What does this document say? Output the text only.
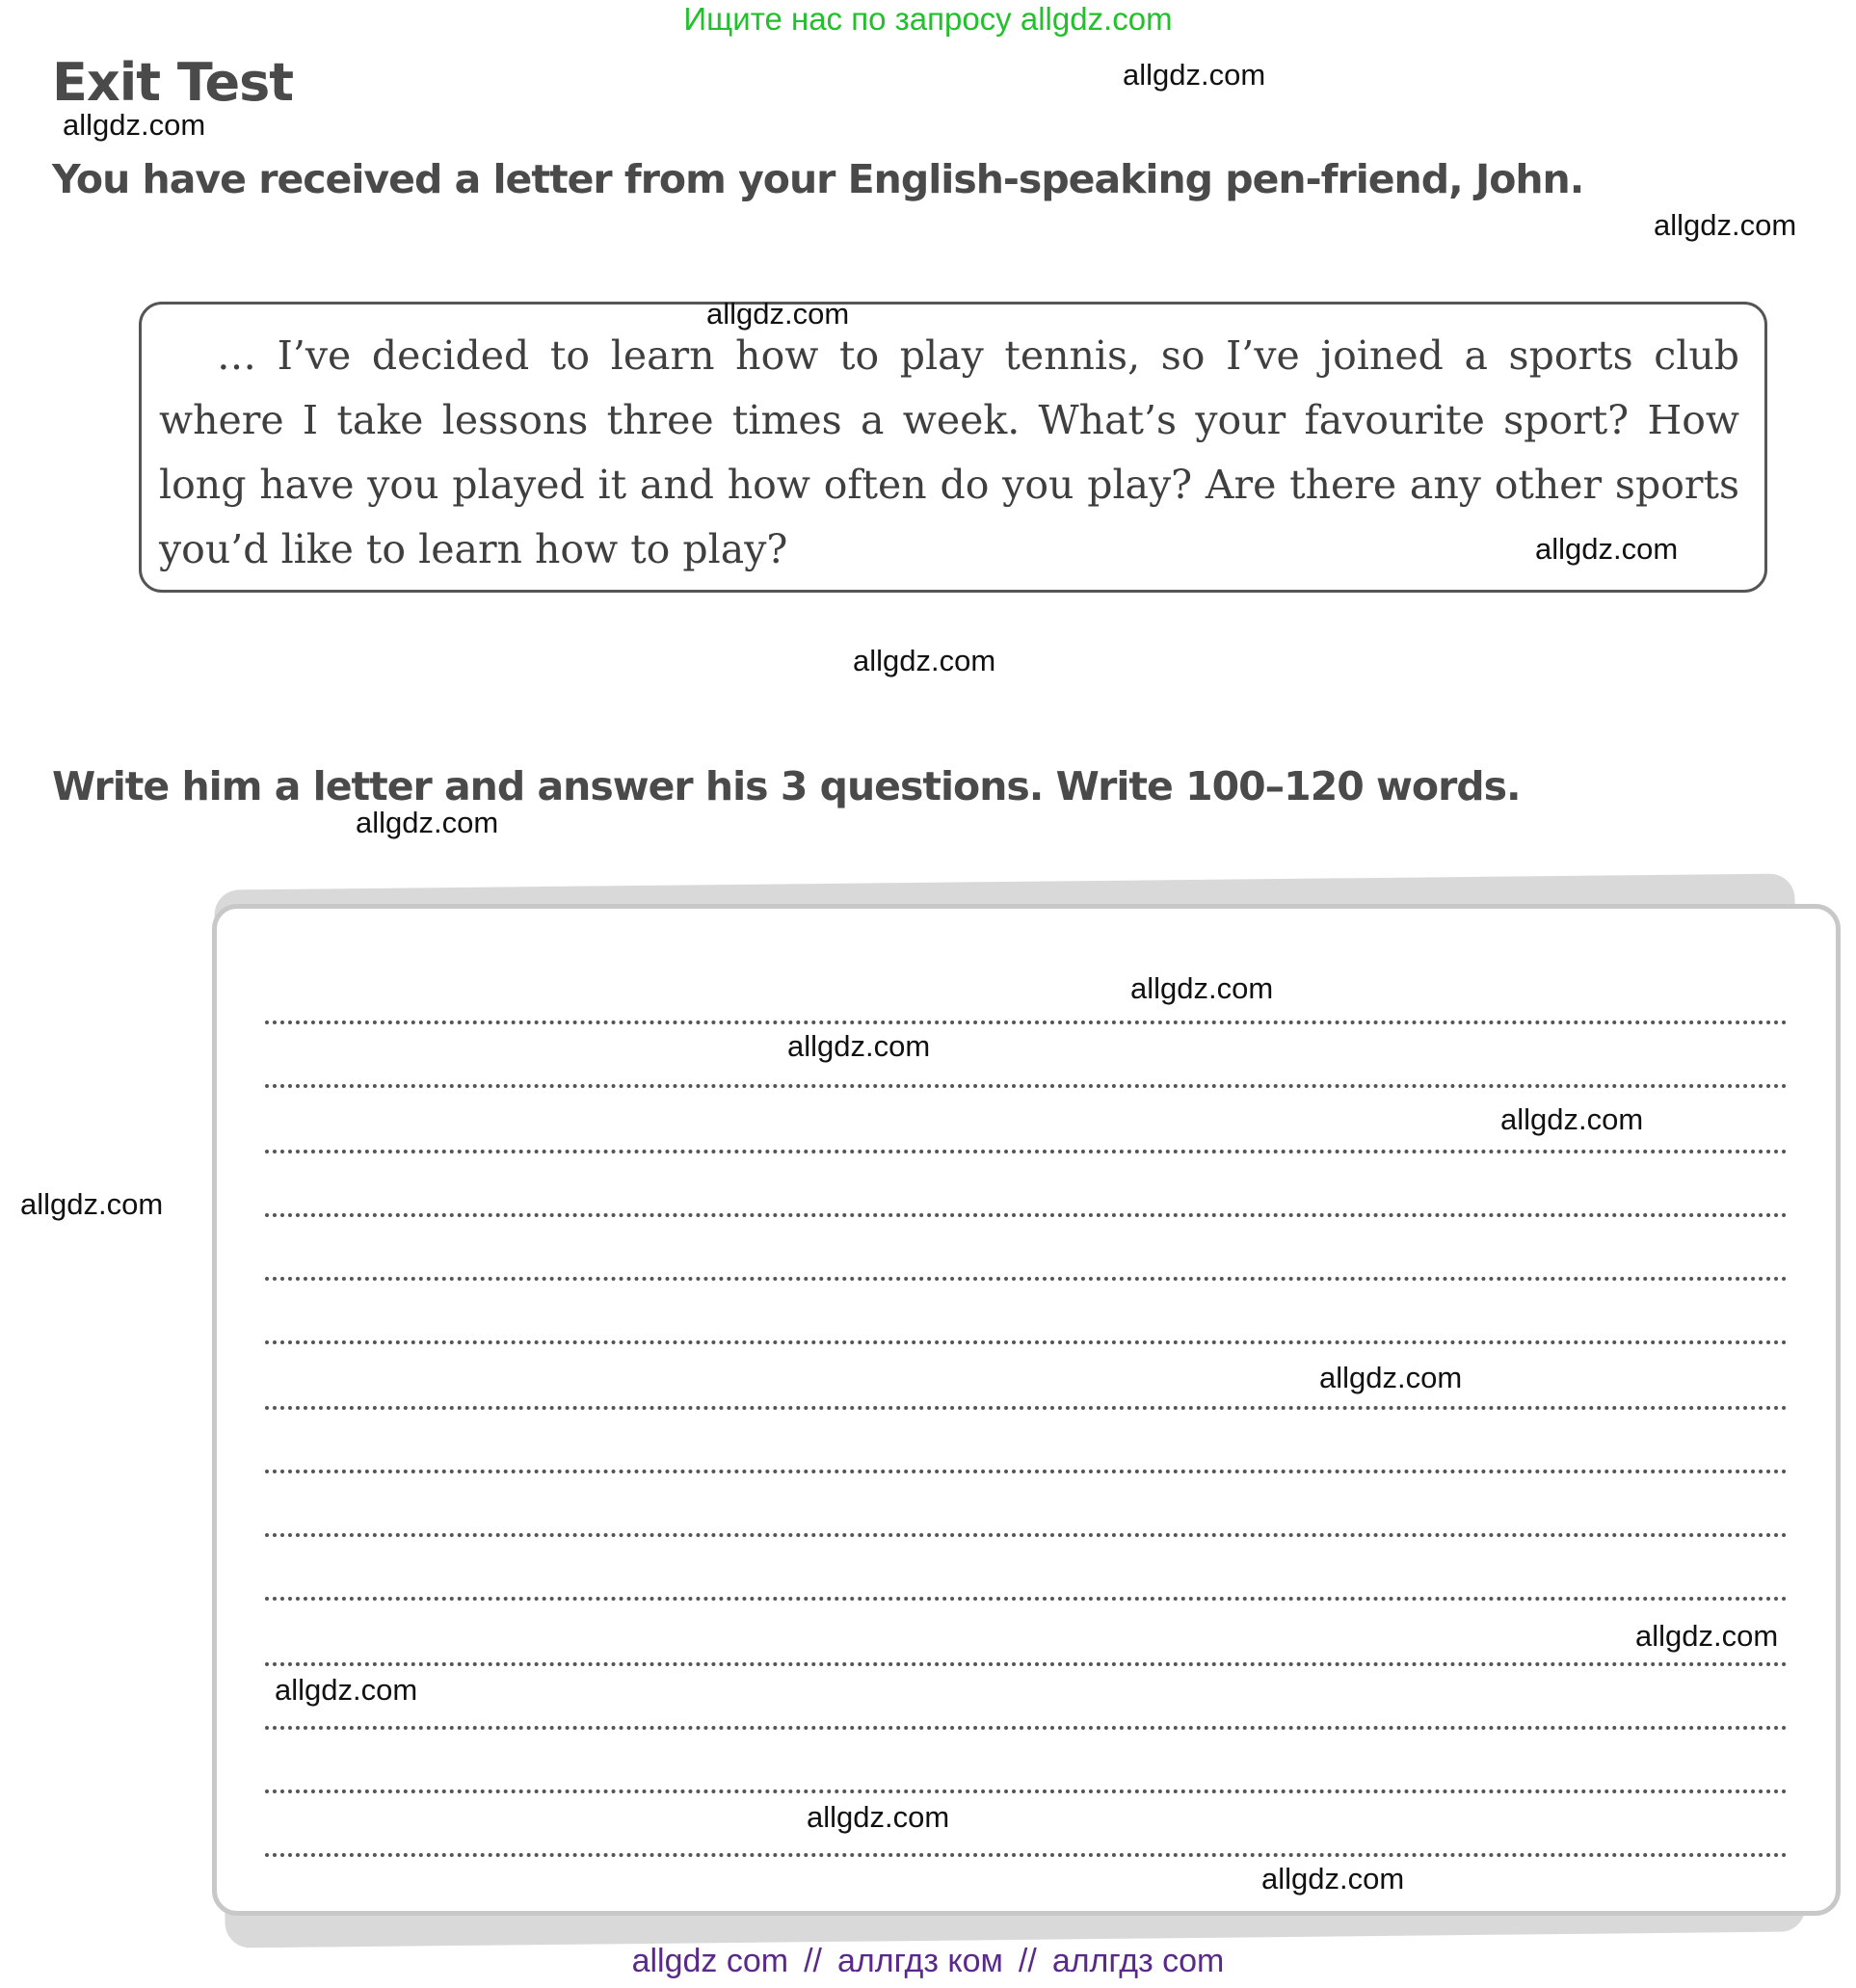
Ищите нас по запросу allgdz.com
Exit Test
You have received a letter from your English-speaking pen-friend, John.

… I’ve decided to learn how to play tennis, so I’ve joined a sports club where I take lessons three times a week. What’s your favourite sport? How long have you played it and how often do you play? Are there any other sports you’d like to learn how to play?

Write him a letter and answer his 3 questions. Write 100–120 words.
allgdz.com
allgdz.com
allgdz.com
allgdz.com
allgdz.com
allgdz.com
allgdz.com
allgdz.com
allgdz.com
allgdz.com
allgdz.com
allgdz.com
allgdz.com
allgdz.com
allgdz.com
allgdz.com
allgdz com // аллгдз ком // аллгдз com
